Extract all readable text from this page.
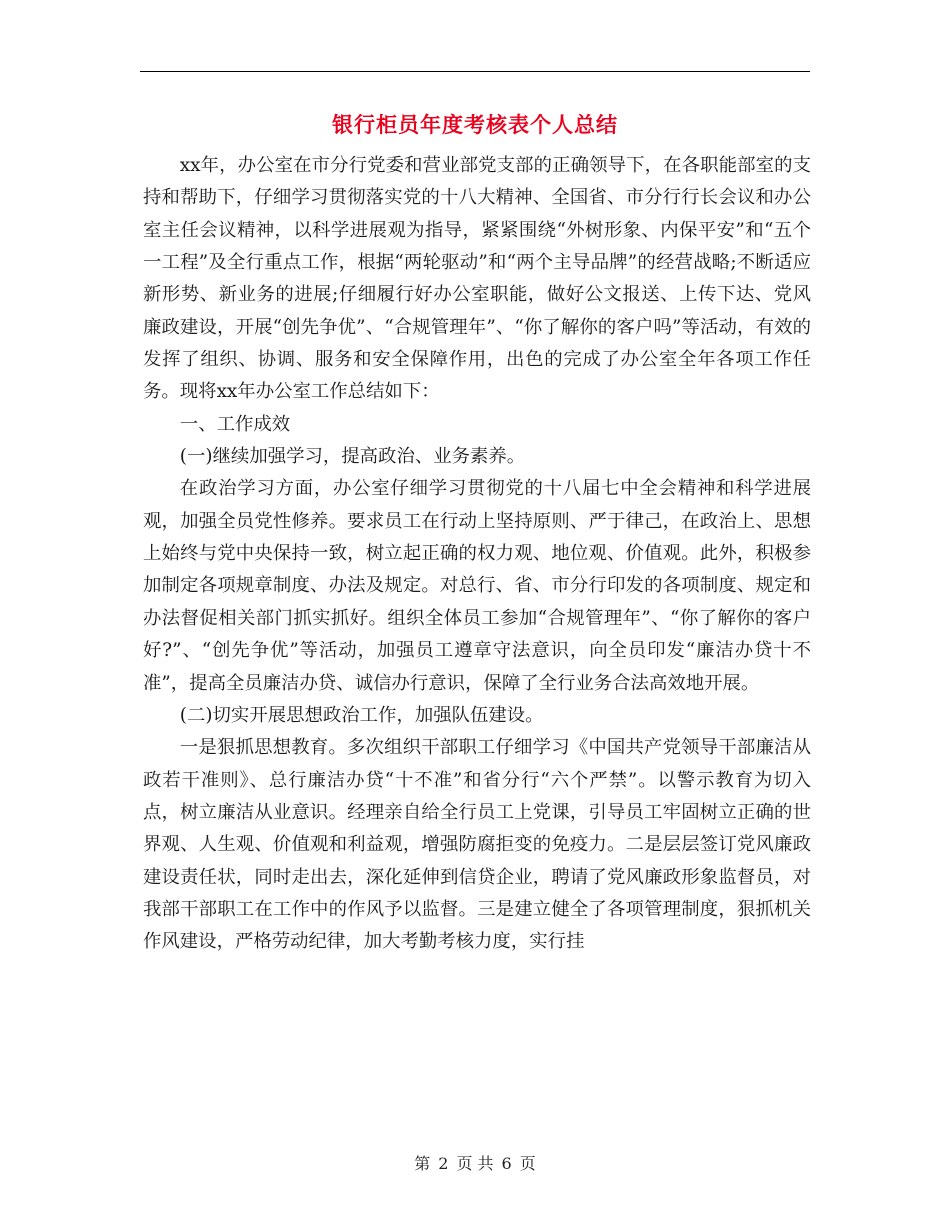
银行柜员年度考核表个人总结

xx年，办公室在市分行党委和营业部党支部的正确领导下，在各职能部室的支持和帮助下，仔细学习贯彻落实党的十八大精神、全国省、市分行行长会议和办公室主任会议精神，以科学进展观为指导，紧紧围绕“外树形象、内保平安”和“五个一工程”及全行重点工作，根据“两轮驱动”和“两个主导品牌”的经营战略;不断适应新形势、新业务的进展;仔细履行好办公室职能，做好公文报送、上传下达、党风廉政建设，开展“创先争优”、“合规管理年”、“你了解你的客户吗”等活动，有效的发挥了组织、协调、服务和安全保障作用，出色的完成了办公室全年各项工作任务。现将xx年办公室工作总结如下：

一、工作成效

(一)继续加强学习，提高政治、业务素养。

在政治学习方面，办公室仔细学习贯彻党的十八届七中全会精神和科学进展观，加强全员党性修养。要求员工在行动上坚持原则、严于律己，在政治上、思想上始终与党中央保持一致，树立起正确的权力观、地位观、价值观。此外，积极参加制定各项规章制度、办法及规定。对总行、省、市分行印发的各项制度、规定和办法督促相关部门抓实抓好。组织全体员工参加“合规管理年”、“你了解你的客户好?”、“创先争优”等活动，加强员工遵章守法意识，向全员印发“廉洁办贷十不准”，提高全员廉洁办贷、诚信办行意识，保障了全行业务合法高效地开展。

(二)切实开展思想政治工作，加强队伍建设。

一是狠抓思想教育。多次组织干部职工仔细学习《中国共产党领导干部廉洁从政若干准则》、总行廉洁办贷“十不准”和省分行“六个严禁”。以警示教育为切入点，树立廉洁从业意识。经理亲自给全行员工上党课，引导员工牢固树立正确的世界观、人生观、价值观和利益观，增强防腐拒变的免疫力。二是层层签订党风廉政建设责任状，同时走出去，深化延伸到信贷企业，聘请了党风廉政形象监督员，对我部干部职工在工作中的作风予以监督。三是建立健全了各项管理制度，狠抓机关作风建设，严格劳动纪律，加大考勤考核力度，实行挂

第 2 页 共 6 页
